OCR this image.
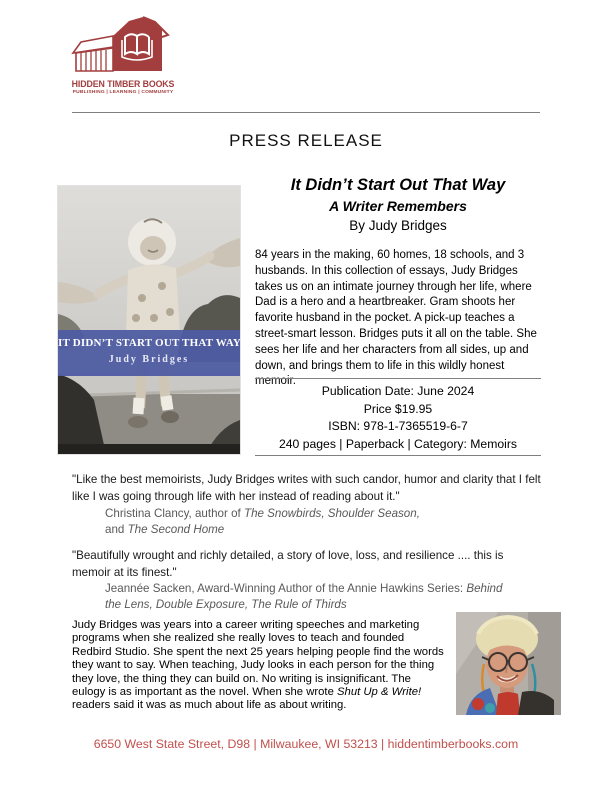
HIDDEN TIMBER BOOKS
PUBLISHING | LEARNING | COMMUNITY
PRESS RELEASE
IT DIDN’T START OUT THAT WAY
Judy Bridges
It Didn’t Start Out That Way
A Writer Remembers
By Judy Bridges

84 years in the making, 60 homes, 18 schools, and 3 husbands. In this collection of essays, Judy Bridges takes us on an intimate journey through her life, where Dad is a hero and a heartbreaker. Gram shoots her favorite husband in the pocket. A pick-up teaches a street-smart lesson. Bridges puts it all on the table. She sees her life and her characters from all sides, up and down, and brings them to life in this wildly honest memoir.

Publication Date: June 2024
Price $19.95
ISBN: 978-1-7365519-6-7
240 pages | Paperback | Category: Memoirs

"Like the best memoirists, Judy Bridges writes with such candor, humor and clarity that I felt like I was going through life with her instead of reading about it."

Christina Clancy, author of The Snowbirds, Shoulder Season,
and The Second Home

"Beautifully wrought and richly detailed, a story of love, loss, and resilience .... this is memoir at its finest."

Jeannée Sacken, Award-Winning Author of the Annie Hawkins Series: Behind
the Lens, Double Exposure, The Rule of Thirds

Judy Bridges was years into a career writing speeches and marketing programs when she realized she really loves to teach and founded Redbird Studio. She spent the next 25 years helping people find the words they want to say. When teaching, Judy looks in each person for the thing they love, the thing they can build on. No writing is insignificant. The eulogy is as important as the novel. When she wrote Shut Up & Write! readers said it was as much about life as about writing.

6650 West State Street, D98 | Milwaukee, WI 53213 | hiddentimberbooks.com
